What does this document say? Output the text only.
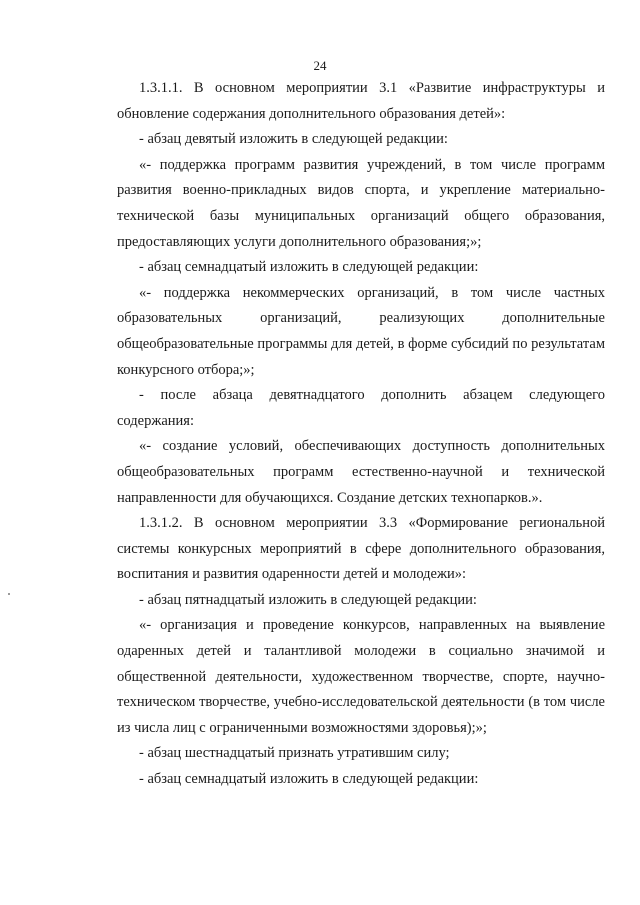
24

1.3.1.1. В основном мероприятии 3.1 «Развитие инфраструктуры и обновление содержания дополнительного образования детей»:

- абзац девятый изложить в следующей редакции:

«- поддержка программ развития учреждений, в том числе программ развития военно-прикладных видов спорта, и укрепление материально-технической базы муниципальных организаций общего образования, предоставляющих услуги дополнительного образования;»;

- абзац семнадцатый изложить в следующей редакции:

«- поддержка некоммерческих организаций, в том числе частных образовательных организаций, реализующих дополнительные общеобразовательные программы для детей, в форме субсидий по результатам конкурсного отбора;»;

- после абзаца девятнадцатого дополнить абзацем следующего содержания:

«- создание условий, обеспечивающих доступность дополнительных общеобразовательных программ естественно-научной и технической направленности для обучающихся. Создание детских технопарков.».

1.3.1.2. В основном мероприятии 3.3 «Формирование региональной системы конкурсных мероприятий в сфере дополнительного образования, воспитания и развития одаренности детей и молодежи»:

- абзац пятнадцатый изложить в следующей редакции:

«- организация и проведение конкурсов, направленных на выявление одаренных детей и талантливой молодежи в социально значимой и общественной деятельности, художественном творчестве, спорте, научно-техническом творчестве, учебно-исследовательской деятельности (в том числе из числа лиц с ограниченными возможностями здоровья);»;

- абзац шестнадцатый признать утратившим силу;

- абзац семнадцатый изложить в следующей редакции:
